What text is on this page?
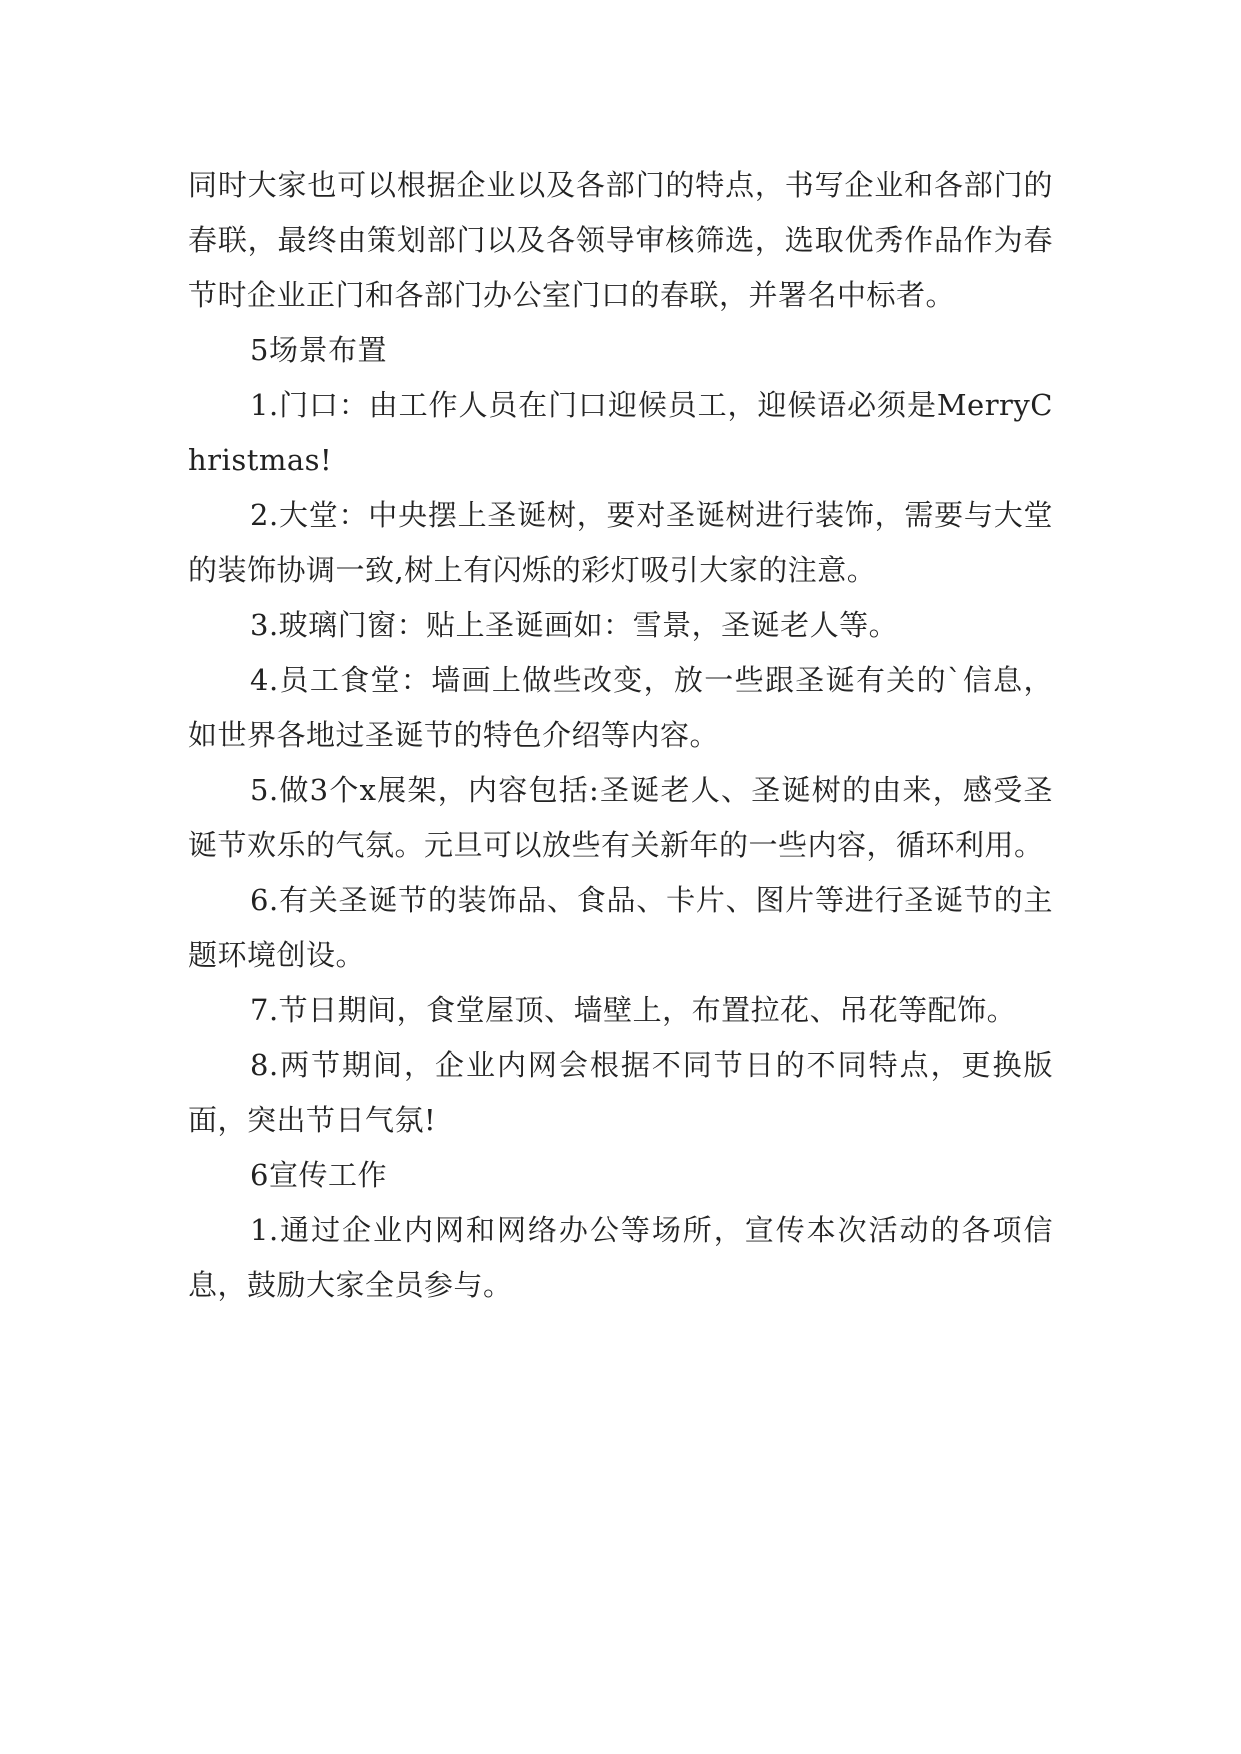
同时大家也可以根据企业以及各部门的特点，书写企业和各部门的春联，最终由策划部门以及各领导审核筛选，选取优秀作品作为春节时企业正门和各部门办公室门口的春联，并署名中标者。

5场景布置

1.门口：由工作人员在门口迎候员工，迎候语必须是MerryChristmas!

2.大堂：中央摆上圣诞树，要对圣诞树进行装饰，需要与大堂的装饰协调一致,树上有闪烁的彩灯吸引大家的注意。

3.玻璃门窗：贴上圣诞画如：雪景，圣诞老人等。

4.员工食堂：墙画上做些改变，放一些跟圣诞有关的`信息，如世界各地过圣诞节的特色介绍等内容。

5.做3个x展架，内容包括:圣诞老人、圣诞树的由来，感受圣诞节欢乐的气氛。元旦可以放些有关新年的一些内容，循环利用。

6.有关圣诞节的装饰品、食品、卡片、图片等进行圣诞节的主题环境创设。

7.节日期间，食堂屋顶、墙壁上，布置拉花、吊花等配饰。

8.两节期间，企业内网会根据不同节日的不同特点，更换版面，突出节日气氛!

6宣传工作

1.通过企业内网和网络办公等场所，宣传本次活动的各项信息，鼓励大家全员参与。
